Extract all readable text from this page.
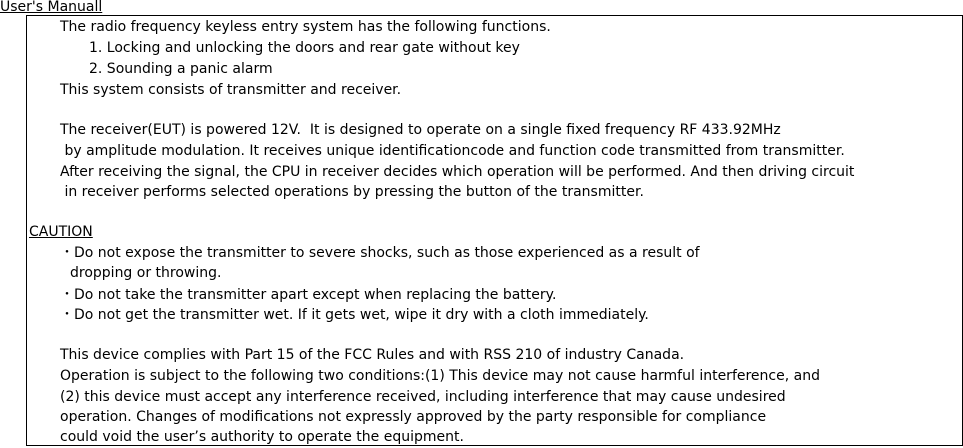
User's Manuall
The radio frequency keyless entry system has the following functions.
1. Locking and unlocking the doors and rear gate without key
2. Sounding a panic alarm
This system consists of transmitter and receiver.
The receiver(EUT) is powered 12V.  It is designed to operate on a single fixed frequency RF 433.92MHz
by amplitude modulation. It receives unique identificationcode and function code transmitted from transmitter.
After receiving the signal, the CPU in receiver decides which operation will be performed. And then driving circuit
in receiver performs selected operations by pressing the button of the transmitter.
CAUTION
・Do not expose the transmitter to severe shocks, such as those experienced as a result of
dropping or throwing.
・Do not take the transmitter apart except when replacing the battery.
・Do not get the transmitter wet. If it gets wet, wipe it dry with a cloth immediately.
This device complies with Part 15 of the FCC Rules and with RSS 210 of industry Canada.
Operation is subject to the following two conditions:(1) This device may not cause harmful interference, and
(2) this device must accept any interference received, including interference that may cause undesired
operation. Changes of modifications not expressly approved by the party responsible for compliance
could void the user’s authority to operate the equipment.
